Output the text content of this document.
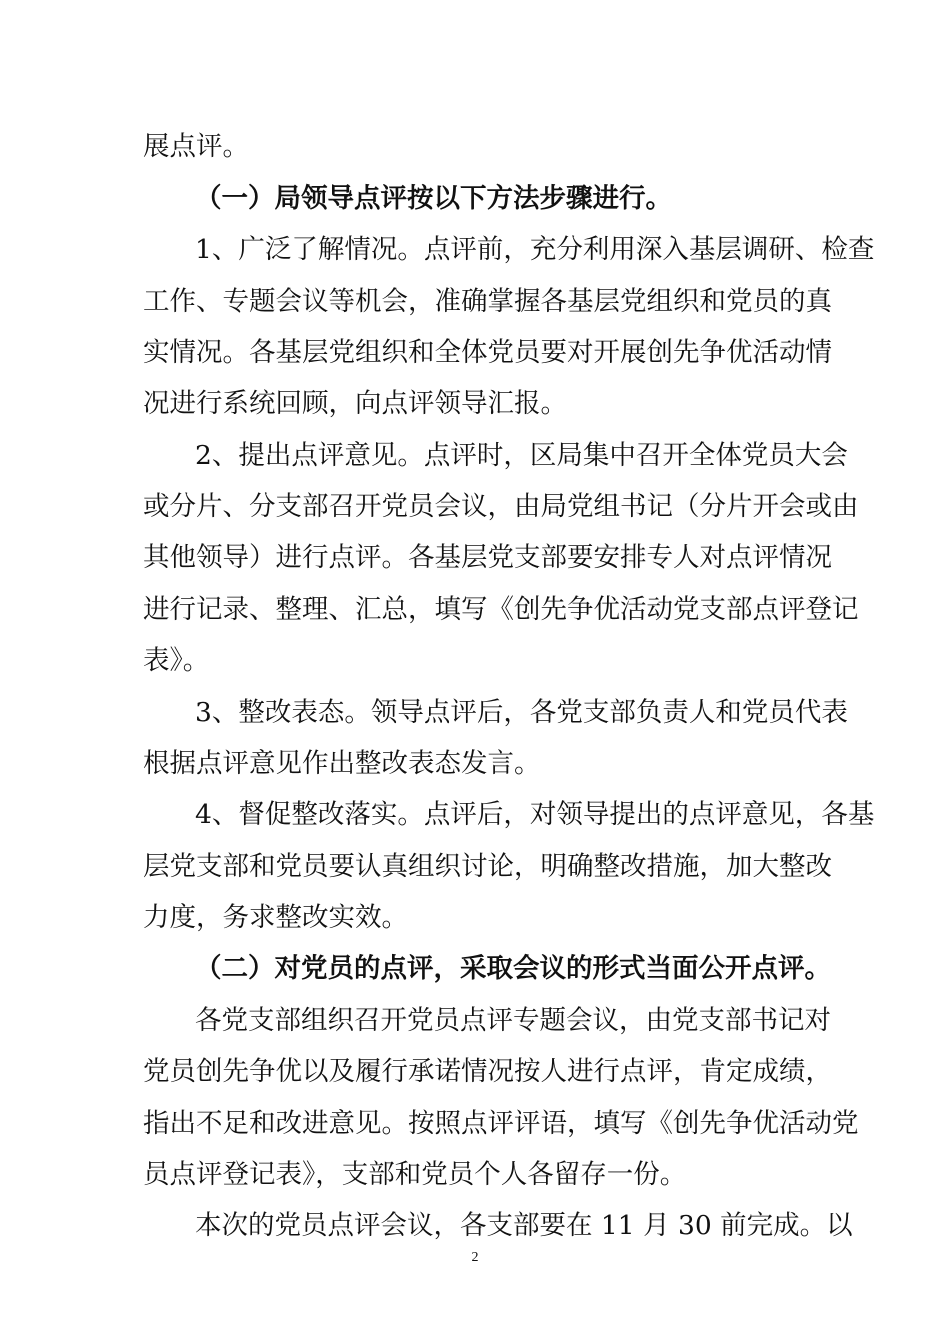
展点评。
（一）局领导点评按以下方法步骤进行。
1、广泛了解情况。点评前，充分利用深入基层调研、检查
工作、专题会议等机会，准确掌握各基层党组织和党员的真
实情况。各基层党组织和全体党员要对开展创先争优活动情
况进行系统回顾，向点评领导汇报。
2、提出点评意见。点评时，区局集中召开全体党员大会
或分片、分支部召开党员会议，由局党组书记（分片开会或由
其他领导）进行点评。各基层党支部要安排专人对点评情况
进行记录、整理、汇总，填写《创先争优活动党支部点评登记
表》。
3、整改表态。领导点评后，各党支部负责人和党员代表
根据点评意见作出整改表态发言。
4、督促整改落实。点评后，对领导提出的点评意见，各基
层党支部和党员要认真组织讨论，明确整改措施，加大整改
力度，务求整改实效。
（二）对党员的点评，采取会议的形式当面公开点评。
各党支部组织召开党员点评专题会议，由党支部书记对
党员创先争优以及履行承诺情况按人进行点评，肯定成绩，
指出不足和改进意见。按照点评评语，填写《创先争优活动党
员点评登记表》，支部和党员个人各留存一份。
本次的党员点评会议，各支部要在 11 月 30 前完成。以
2
